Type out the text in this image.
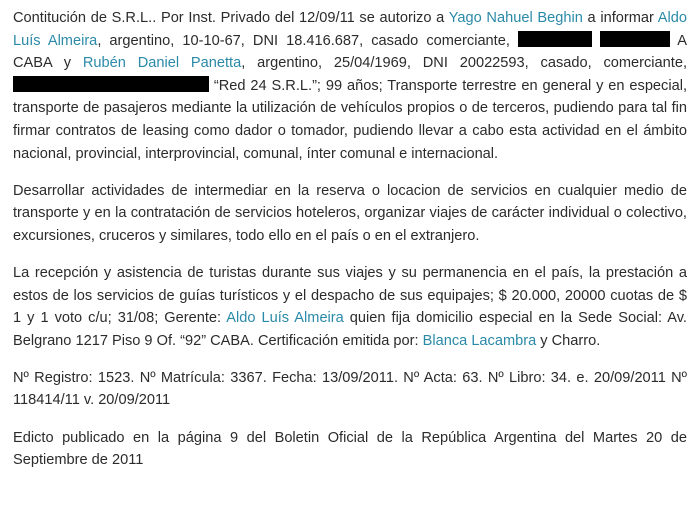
Contitución de S.R.L.. Por Inst. Privado del 12/09/11 se autorizo a Yago Nahuel Beghin a informar Aldo Luís Almeira, argentino, 10-10-67, DNI 18.416.687, casado comerciante,	A CABA y Rubén Daniel Panetta, argentino, 25/04/1969, DNI 20022593, casado, comerciante,  “Red 24 S.R.L.”; 99 años; Transporte terrestre en general y en especial, transporte de pasajeros mediante la utilización de vehículos propios o de terceros, pudiendo para tal fin firmar contratos de leasing como dador o tomador, pudiendo llevar a cabo esta actividad en el ámbito nacional, provincial, interprovincial, comunal, ínter comunal e internacional.

Desarrollar actividades de intermediar en la reserva o locacion de servicios en cualquier medio de transporte y en la contratación de servicios hoteleros, organizar viajes de carácter individual o colectivo, excursiones, cruceros y similares, todo ello en el país o en el extranjero.

La recepción y asistencia de turistas durante sus viajes y su permanencia en el país, la prestación a estos de los servicios de guías turísticos y el despacho de sus equipajes; $ 20.000, 20000 cuotas de $ 1 y 1 voto c/u; 31/08; Gerente: Aldo Luís Almeira quien fija domicilio especial en la Sede Social: Av. Belgrano 1217 Piso 9 Of. “92” CABA. Certificación emitida por: Blanca Lacambra y Charro.

Nº Registro: 1523. Nº Matrícula: 3367. Fecha: 13/09/2011. Nº Acta: 63. Nº Libro: 34. e. 20/09/2011 Nº 118414/11 v. 20/09/2011

Edicto publicado en la página 9 del Boletin Oficial de la República Argentina del Martes 20 de Septiembre de 2011
